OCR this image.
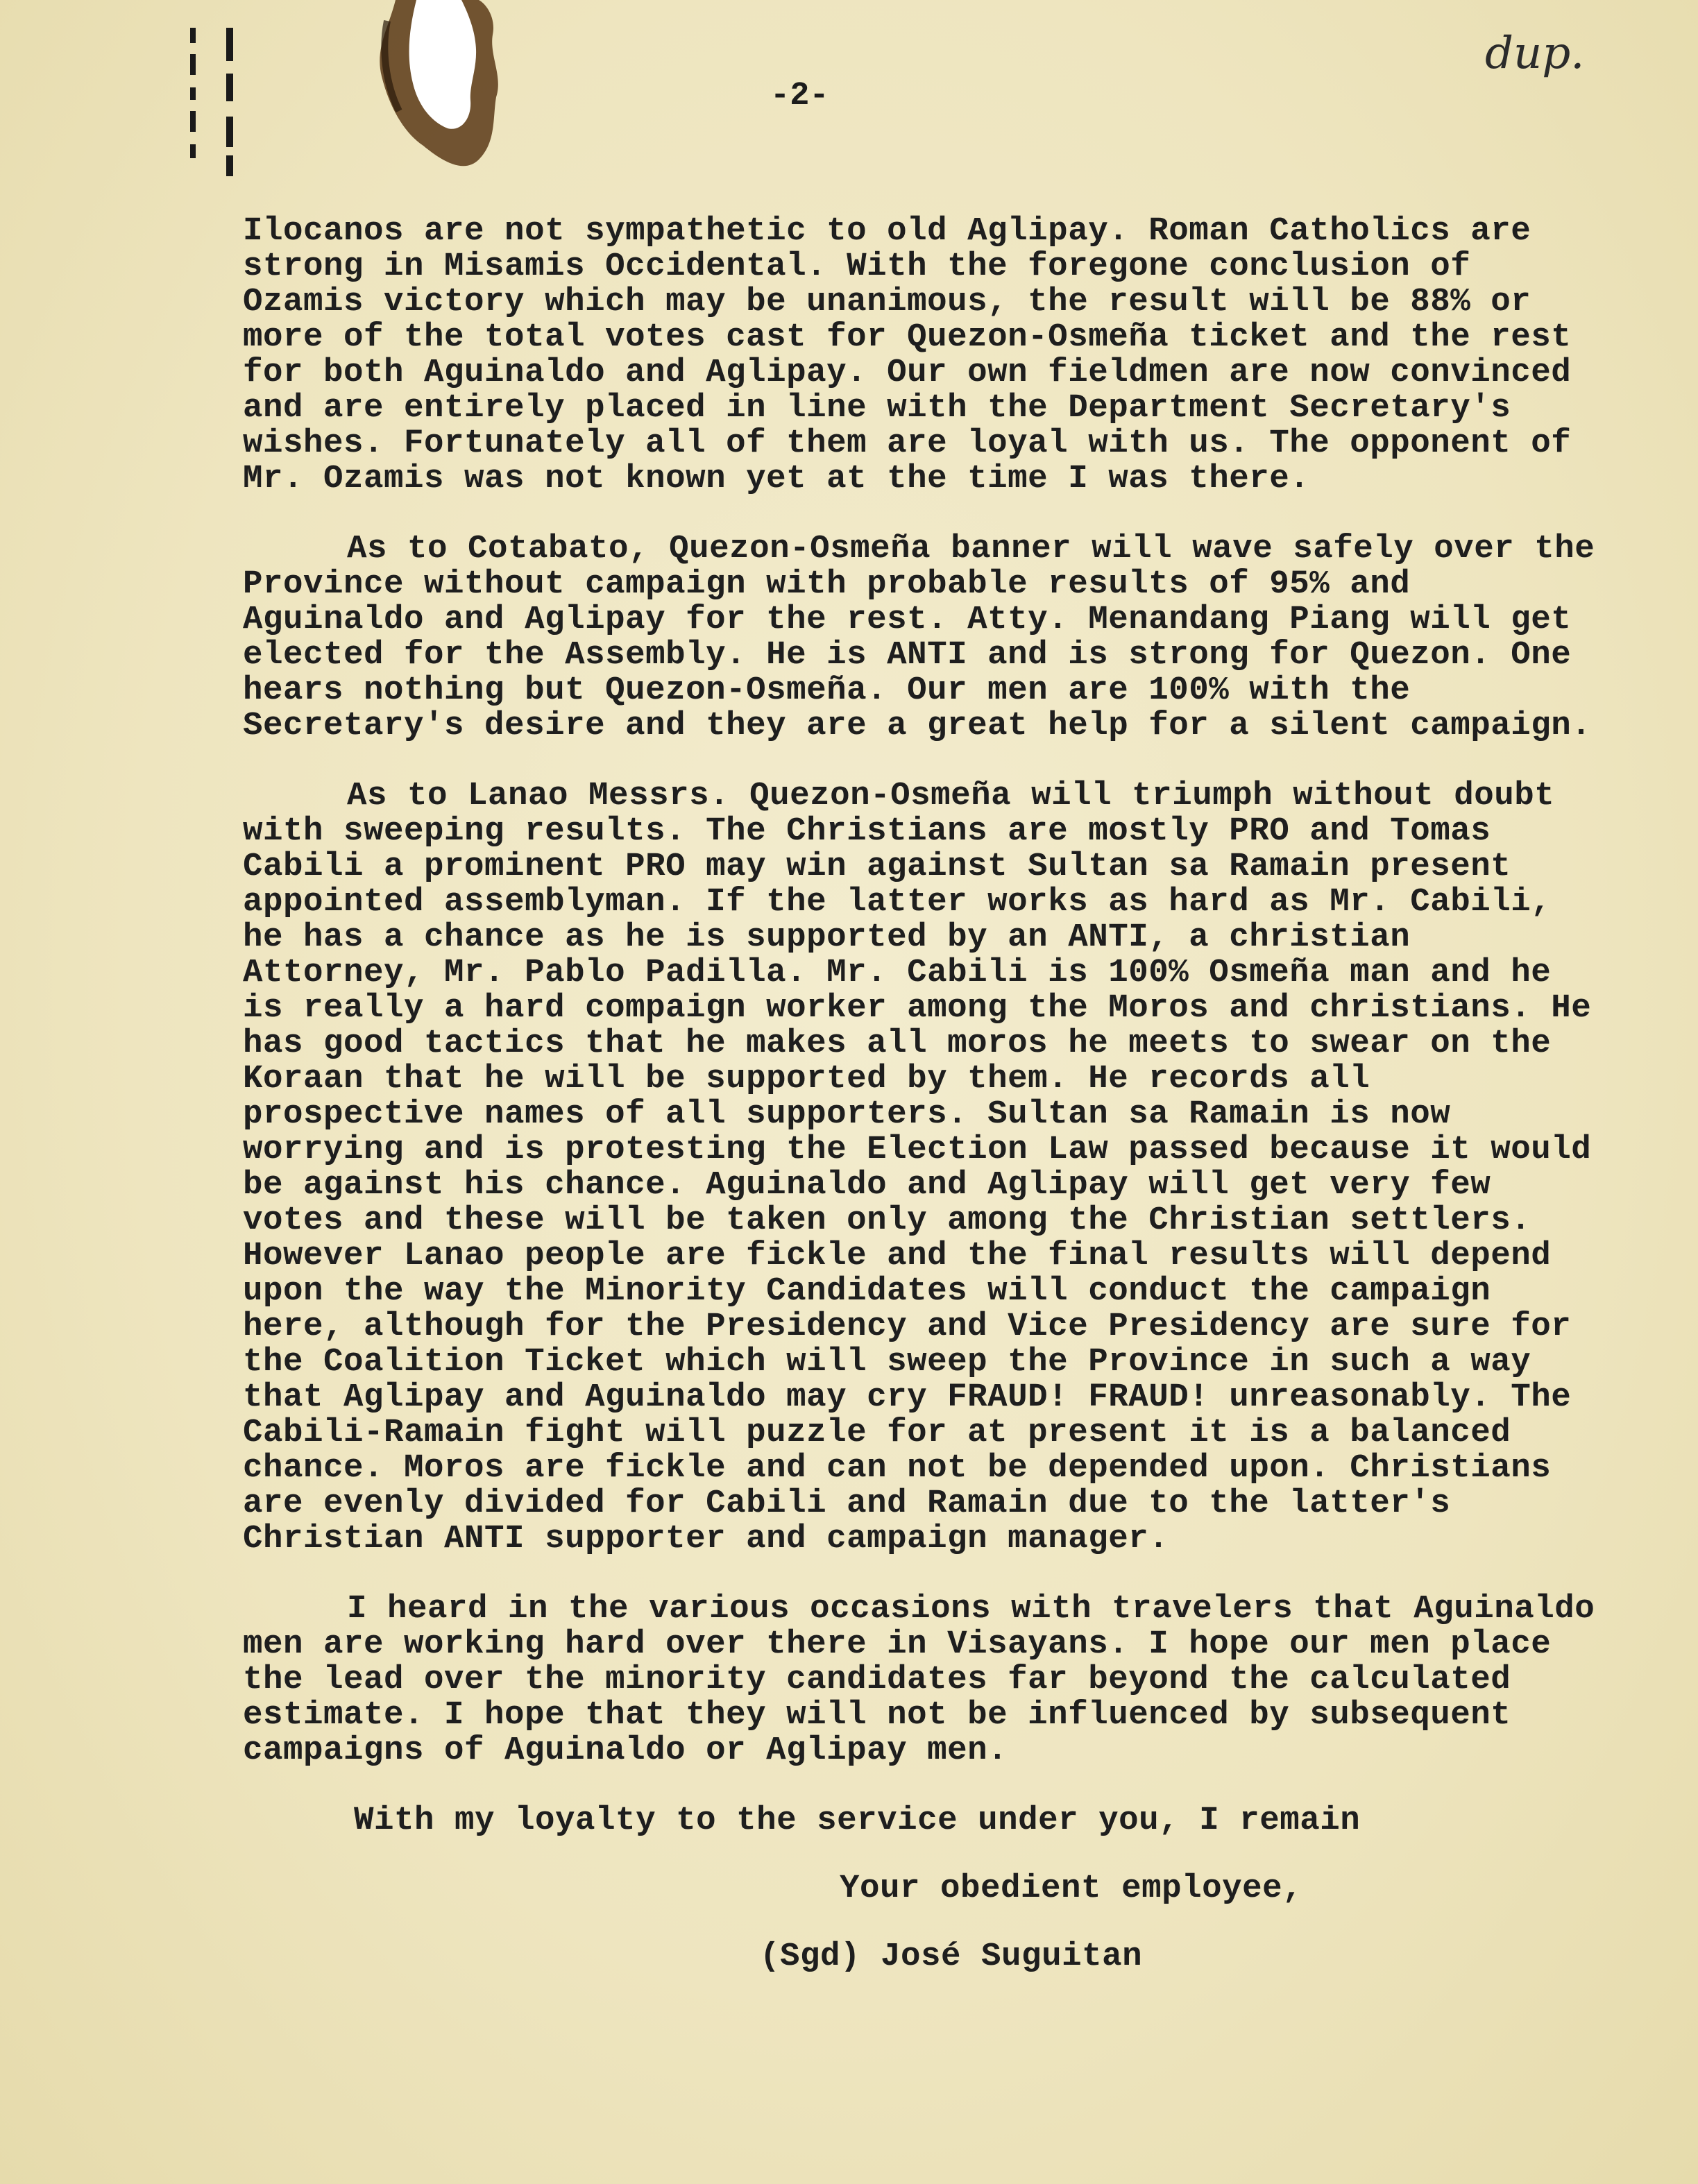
dup.
-2-

Ilocanos are not sympathetic to old Aglipay. Roman Catholics are strong in Misamis Occidental. With the foregone conclusion of Ozamis victory which may be unanimous, the result will be 88% or more of the total votes cast for Quezon-Osmeña ticket and the rest for both Aguinaldo and Aglipay. Our own fieldmen are now convinced and are entirely placed in line with the Department Secretary's wishes. Fortunately all of them are loyal with us. The opponent of Mr. Ozamis was not known yet at the time I was there.

As to Cotabato, Quezon-Osmeña banner will wave safely over the Province without campaign with probable results of 95% and Aguinaldo and Aglipay for the rest. Atty. Menandang Piang will get elected for the Assembly. He is ANTI and is strong for Quezon. One hears nothing but Quezon-Osmeña. Our men are 100% with the Secretary's desire and they are a great help for a silent campaign.

As to Lanao Messrs. Quezon-Osmeña will triumph without doubt with sweeping results. The Christians are mostly PRO and Tomas Cabili a prominent PRO may win against Sultan sa Ramain present appointed assemblyman. If the latter works as hard as Mr. Cabili, he has a chance as he is supported by an ANTI, a christian Attorney, Mr. Pablo Padilla. Mr. Cabili is 100% Osmeña man and he is really a hard compaign worker among the Moros and christians. He has good tactics that he makes all moros he meets to swear on the Koraan that he will be supported by them. He records all prospective names of all supporters. Sultan sa Ramain is now worrying and is protesting the Election Law passed because it would be against his chance. Aguinaldo and Aglipay will get very few votes and these will be taken only among the Christian settlers. However Lanao people are fickle and the final results will depend upon the way the Minority Candidates will conduct the campaign here, although for the Presidency and Vice Presidency are sure for the Coalition Ticket which will sweep the Province in such a way that Aglipay and Aguinaldo may cry FRAUD! FRAUD! unreasonably. The Cabili-Ramain fight will puzzle for at present it is a balanced chance. Moros are fickle and can not be depended upon. Christians are evenly divided for Cabili and Ramain due to the latter's Christian ANTI supporter and campaign manager.

I heard in the various occasions with travelers that Aguinaldo men are working hard over there in Visayans. I hope our men place the lead over the minority candidates far beyond the calculated estimate. I hope that they will not be influenced by subsequent campaigns of Aguinaldo or Aglipay men.

With my loyalty to the service under you, I remain

Your obedient employee,

(Sgd) José Suguitan
